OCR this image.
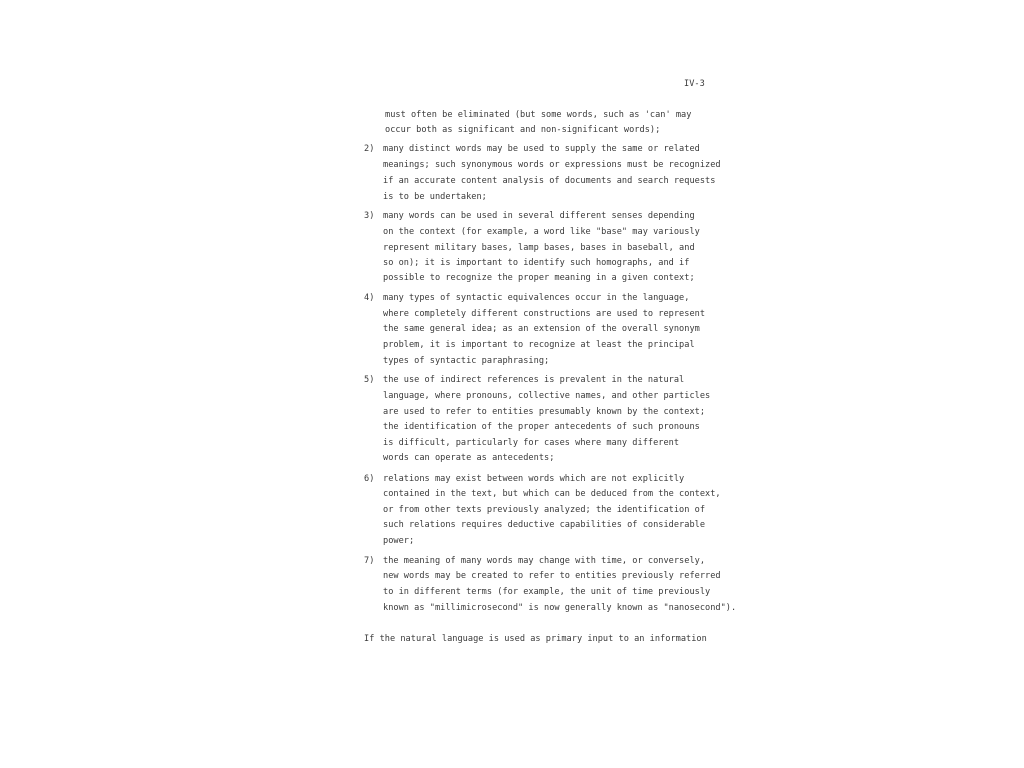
IV-3
must often be eliminated (but some words, such as 'can' may
occur both as significant and non-significant words);
2) many distinct words may be used to supply the same or related
meanings; such synonymous words or expressions must be recognized
if an accurate content analysis of documents and search requests
is to be undertaken;
3) many words can be used in several different senses depending
on the context (for example, a word like "base" may variously
represent military bases, lamp bases, bases in baseball, and
so on); it is important to identify such homographs, and if
possible to recognize the proper meaning in a given context;
4) many types of syntactic equivalences occur in the language,
where completely different constructions are used to represent
the same general idea; as an extension of the overall synonym
problem, it is important to recognize at least the principal
types of syntactic paraphrasing;
5) the use of indirect references is prevalent in the natural
language, where pronouns, collective names, and other particles
are used to refer to entities presumably known by the context;
the identification of the proper antecedents of such pronouns
is difficult, particularly for cases where many different
words can operate as antecedents;
6) relations may exist between words which are not explicitly
contained in the text, but which can be deduced from the context,
or from other texts previously analyzed; the identification of
such relations requires deductive capabilities of considerable
power;
7) the meaning of many words may change with time, or conversely,
new words may be created to refer to entities previously referred
to in different terms (for example, the unit of time previously
known as "millimicrosecond" is now generally known as "nanosecond").
If the natural language is used as primary input to an information
